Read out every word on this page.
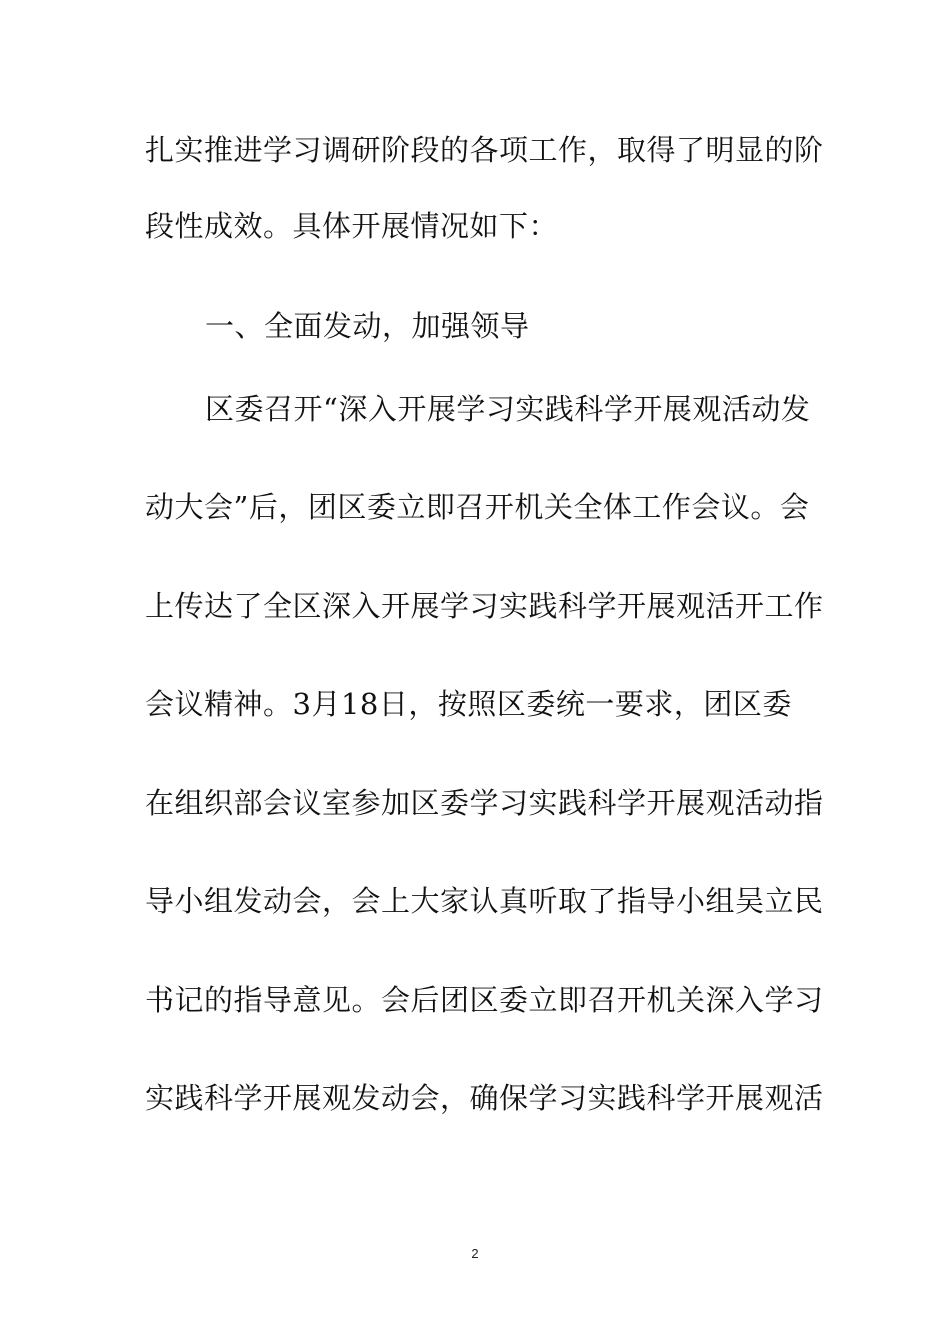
扎实推进学习调研阶段的各项工作，取得了明显的阶
段性成效。具体开展情况如下：
一、全面发动，加强领导
区委召开“深入开展学习实践科学开展观活动发
动大会”后，团区委立即召开机关全体工作会议。会
上传达了全区深入开展学习实践科学开展观活开工作
会议精神。3月18日，按照区委统一要求，团区委
在组织部会议室参加区委学习实践科学开展观活动指
导小组发动会，会上大家认真听取了指导小组吴立民
书记的指导意见。会后团区委立即召开机关深入学习
实践科学开展观发动会，确保学习实践科学开展观活
2
